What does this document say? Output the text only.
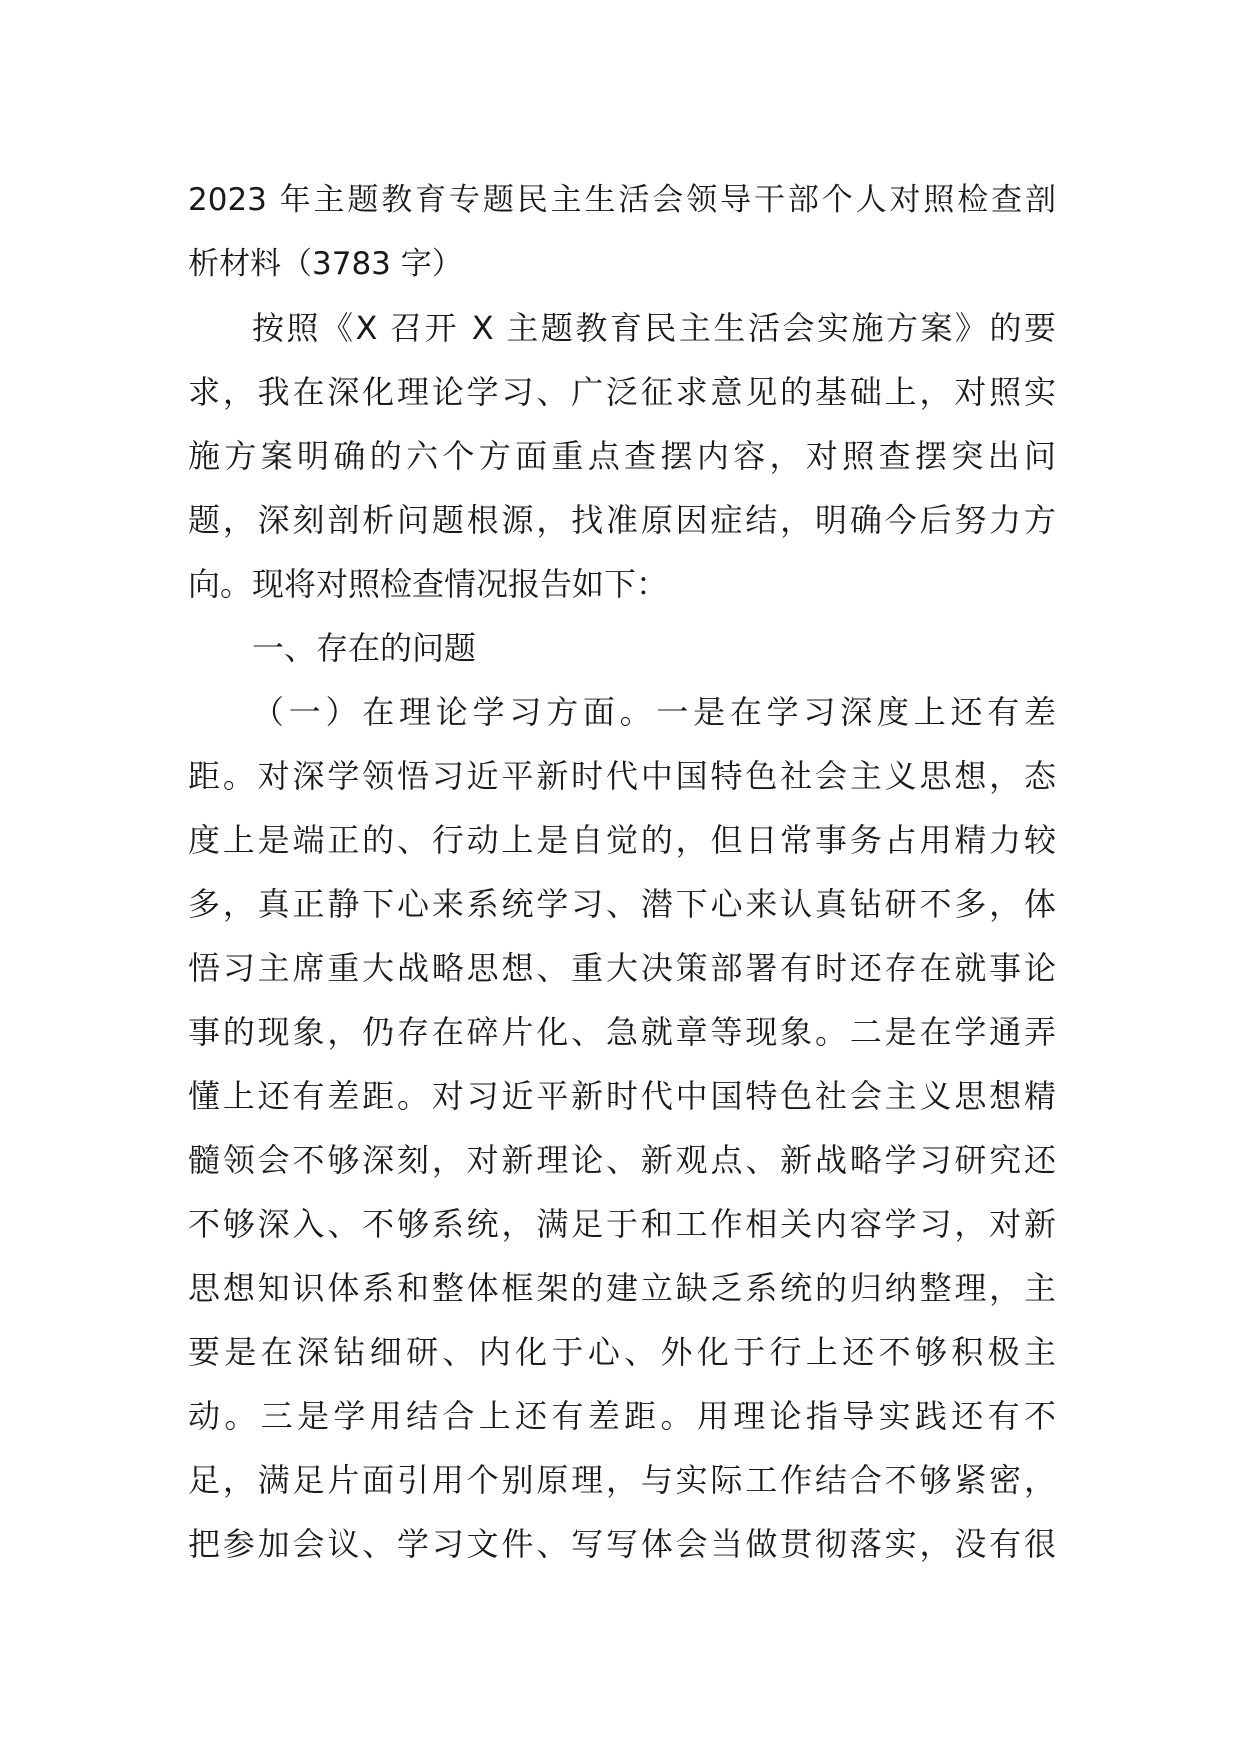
2023 年主题教育专题民主生活会领导干部个人对照检查剖
析材料（3783 字）
按照《X 召开 X 主题教育民主生活会实施方案》的要
求，我在深化理论学习、广泛征求意见的基础上，对照实
施方案明确的六个方面重点查摆内容，对照查摆突出问
题，深刻剖析问题根源，找准原因症结，明确今后努力方
向。现将对照检查情况报告如下：
一、存在的问题
（一）在理论学习方面。一是在学习深度上还有差
距。对深学领悟习近平新时代中国特色社会主义思想，态
度上是端正的、行动上是自觉的，但日常事务占用精力较
多，真正静下心来系统学习、潜下心来认真钻研不多，体
悟习主席重大战略思想、重大决策部署有时还存在就事论
事的现象，仍存在碎片化、急就章等现象。二是在学通弄
懂上还有差距。对习近平新时代中国特色社会主义思想精
髓领会不够深刻，对新理论、新观点、新战略学习研究还
不够深入、不够系统，满足于和工作相关内容学习，对新
思想知识体系和整体框架的建立缺乏系统的归纳整理，主
要是在深钻细研、内化于心、外化于行上还不够积极主
动。三是学用结合上还有差距。用理论指导实践还有不
足，满足片面引用个别原理，与实际工作结合不够紧密，
把参加会议、学习文件、写写体会当做贯彻落实，没有很
